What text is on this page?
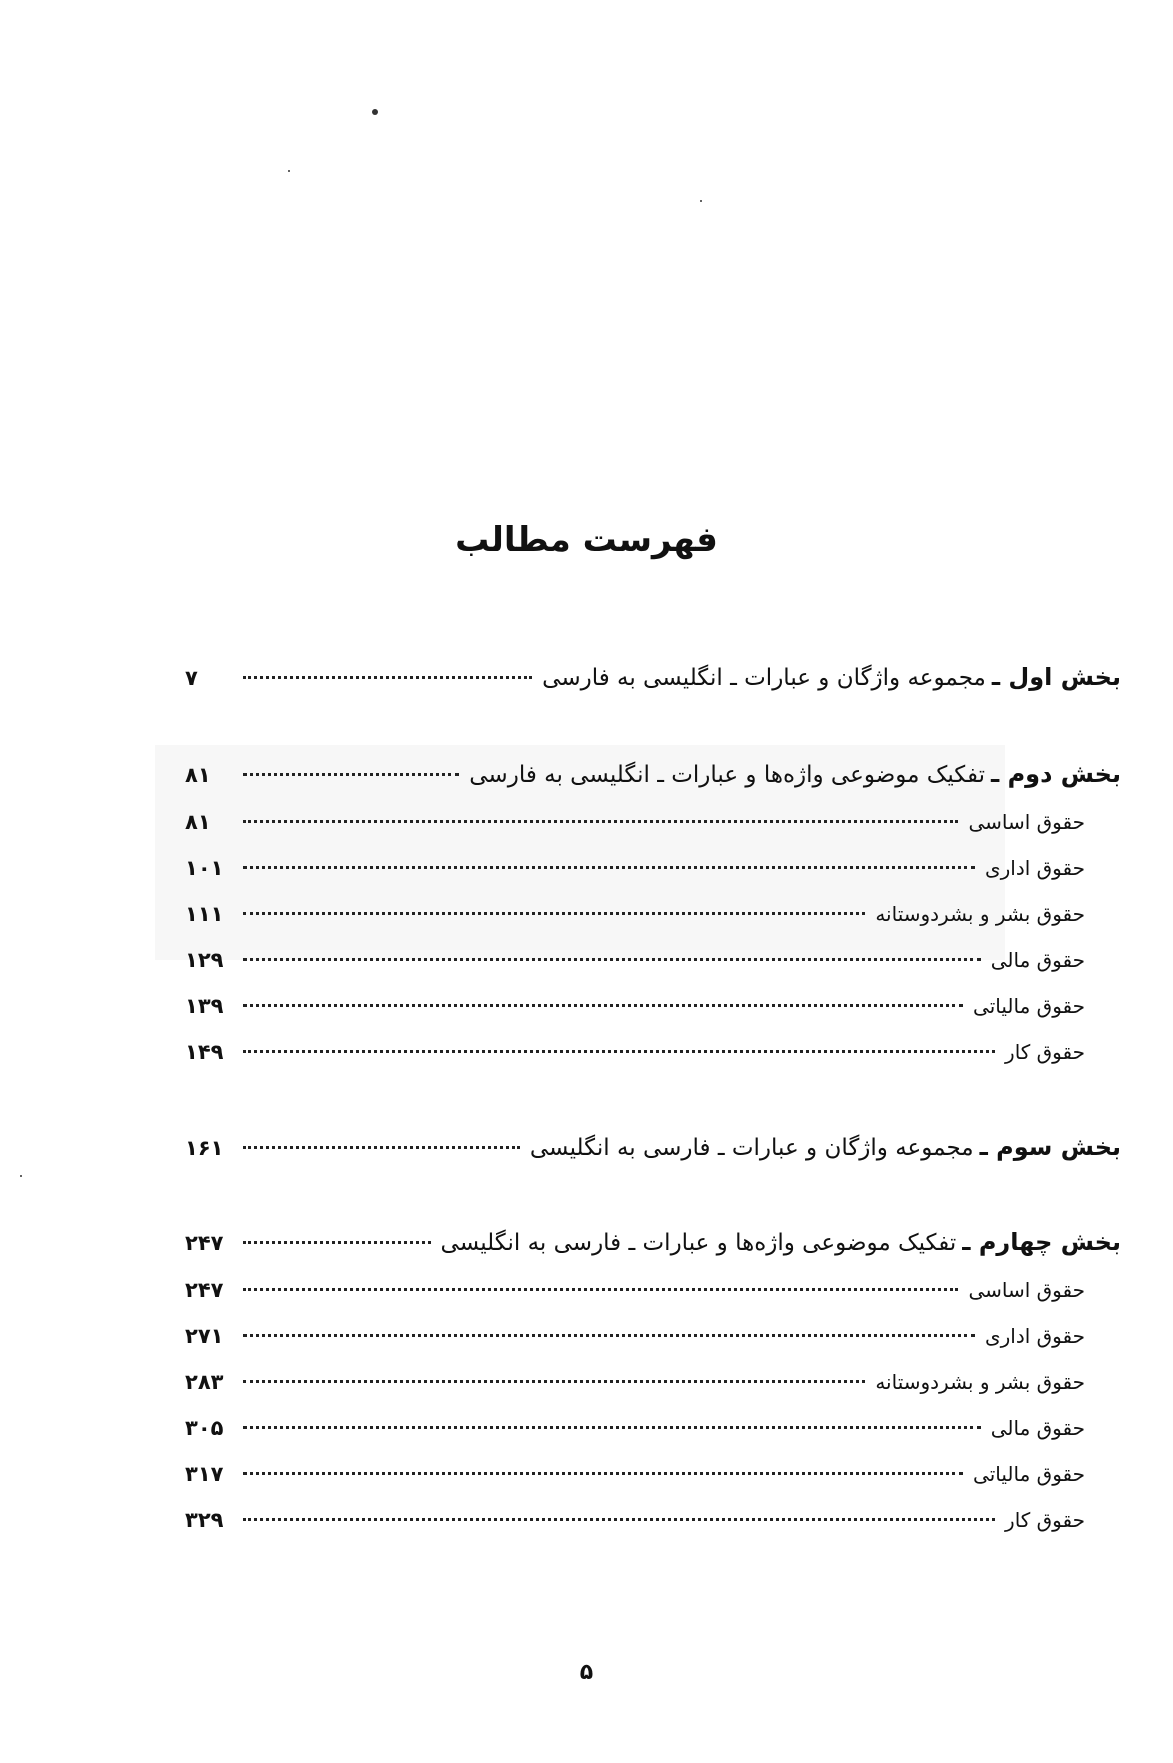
فهرست مطالب
بخش اول ـ
مجموعه واژگان و عبارات ـ انگلیسی به فارسی
۷
بخش دوم ـ
تفکیک موضوعی واژه‌ها و عبارات ـ انگلیسی به فارسی
۸۱
حقوق اساسی
۸۱
حقوق اداری
۱۰۱
حقوق بشر و بشردوستانه
۱۱۱
حقوق مالی
۱۲۹
حقوق مالیاتی
۱۳۹
حقوق کار
۱۴۹
بخش سوم ـ
مجموعه واژگان و عبارات ـ فارسی به انگلیسی
۱۶۱
بخش چهارم ـ
تفکیک موضوعی واژه‌ها و عبارات ـ فارسی به انگلیسی
۲۴۷
حقوق اساسی
۲۴۷
حقوق اداری
۲۷۱
حقوق بشر و بشردوستانه
۲۸۳
حقوق مالی
۳۰۵
حقوق مالیاتی
۳۱۷
حقوق کار
۳۲۹
۵
